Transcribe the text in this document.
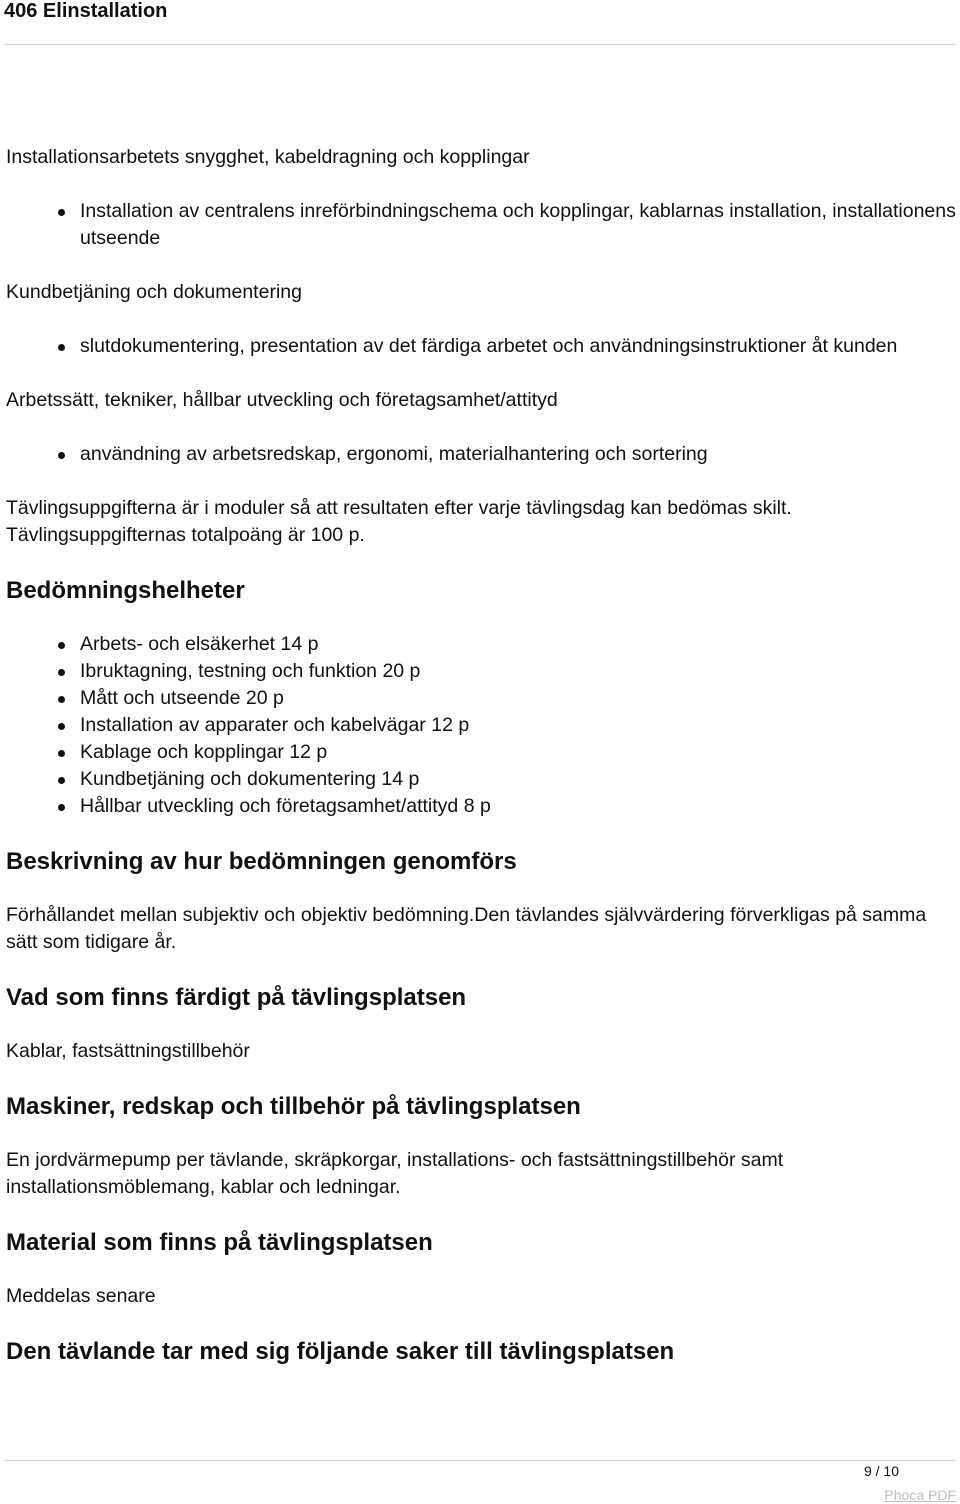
406 Elinstallation

Installationsarbetets snygghet, kabeldragning och kopplingar

Installation av centralens inreförbindningschema och kopplingar, kablarnas installation, installationens utseende

Kundbetjäning och dokumentering

slutdokumentering, presentation av det färdiga arbetet och användningsinstruktioner åt kunden

Arbetssätt, tekniker, hållbar utveckling och företagsamhet/attityd

användning av arbetsredskap, ergonomi, materialhantering och sortering

Tävlingsuppgifterna är i moduler så att resultaten efter varje tävlingsdag kan bedömas skilt. Tävlingsuppgifternas totalpoäng är 100 p.

Bedömningshelheter

Arbets- och elsäkerhet 14 p
Ibruktagning, testning och funktion 20 p
Mått och utseende 20 p
Installation av apparater och kabelvägar 12 p
Kablage och kopplingar 12 p
Kundbetjäning och dokumentering 14 p
Hållbar utveckling och företagsamhet/attityd 8 p

Beskrivning av hur bedömningen genomförs

Förhållandet mellan subjektiv och objektiv bedömning.Den tävlandes självvärdering förverkligas på samma sätt som tidigare år.

Vad som finns färdigt på tävlingsplatsen

Kablar, fastsättningstillbehör

Maskiner, redskap och tillbehör på tävlingsplatsen

En jordvärmepump per tävlande, skräpkorgar, installations- och fastsättningstillbehör samt installationsmöblemang, kablar och ledningar.

Material som finns på tävlingsplatsen

Meddelas senare

Den tävlande tar med sig följande saker till tävlingsplatsen

9 / 10
Phoca PDF
